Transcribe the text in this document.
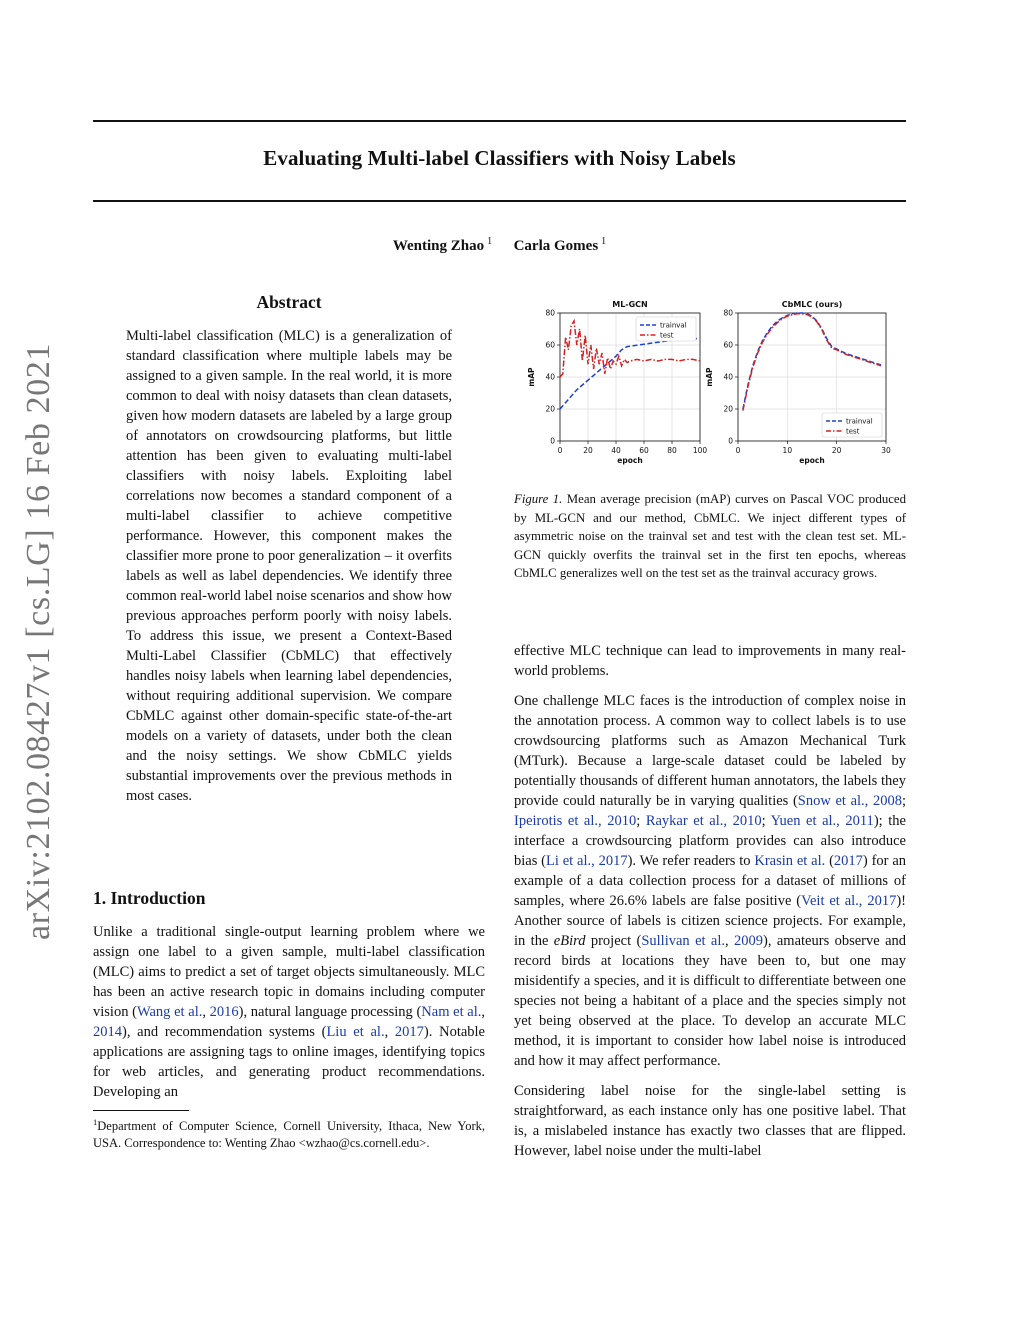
arXiv:2102.08427v1 [cs.LG] 16 Feb 2021
Evaluating Multi-label Classifiers with Noisy Labels
Wenting Zhao $^1$ Carla Gomes $^1$
Abstract
Multi-label classification (MLC) is a generalization of standard classification where multiple labels may be assigned to a given sample. In the real world, it is more common to deal with noisy datasets than clean datasets, given how modern datasets are labeled by a large group of annotators on crowdsourcing platforms, but little attention has been given to evaluating multi-label classifiers with noisy labels. Exploiting label correlations now becomes a standard component of a multi-label classifier to achieve competitive performance. However, this component makes the classifier more prone to poor generalization – it overfits labels as well as label dependencies. We identify three common real-world label noise scenarios and show how previous approaches perform poorly with noisy labels. To address this issue, we present a Context-Based Multi-Label Classifier (CbMLC) that effectively handles noisy labels when learning label dependencies, without requiring additional supervision. We compare CbMLC against other domain-specific state-of-the-art models on a variety of datasets, under both the clean and the noisy settings. We show CbMLC yields substantial improvements over the previous methods in most cases.
1. Introduction
Unlike a traditional single-output learning problem where we assign one label to a given sample, multi-label classification (MLC) aims to predict a set of target objects simultaneously. MLC has been an active research topic in domains including computer vision (Wang et al., 2016), natural language processing (Nam et al., 2014), and recommendation systems (Liu et al., 2017). Notable applications are assigning tags to online images, identifying topics for web articles, and generating product recommendations. Developing an
$^1$Department of Computer Science, Cornell University, Ithaca, New York, USA. Correspondence to: Wenting Zhao <wzhao@cs.cornell.edu>.
0	20 40 60 80 100
0
20
40
60
80
ML-GCN
epoch
mAP
trainval
test
0	10	20	30
0
20
40
60
80
CbMLC (ours)
epoch
mAP
trainval
test
Figure 1. Mean average precision (mAP) curves on Pascal VOC produced by ML-GCN and our method, CbMLC. We inject different types of asymmetric noise on the trainval set and test with the clean test set. ML-GCN quickly overfits the trainval set in the first ten epochs, whereas CbMLC generalizes well on the test set as the trainval accuracy grows.

effective MLC technique can lead to improvements in many real-world problems.

One challenge MLC faces is the introduction of complex noise in the annotation process. A common way to collect labels is to use crowdsourcing platforms such as Amazon Mechanical Turk (MTurk). Because a large-scale dataset could be labeled by potentially thousands of different human annotators, the labels they provide could naturally be in varying qualities (Snow et al., 2008; Ipeirotis et al., 2010; Raykar et al., 2010; Yuen et al., 2011); the interface a crowdsourcing platform provides can also introduce bias (Li et al., 2017). We refer readers to Krasin et al. (2017) for an example of a data collection process for a dataset of millions of samples, where 26.6% labels are false positive (Veit et al., 2017)! Another source of labels is citizen science projects. For example, in the eBird project (Sullivan et al., 2009), amateurs observe and record birds at locations they have been to, but one may misidentify a species, and it is difficult to differentiate between one species not being a habitant of a place and the species simply not yet being observed at the place. To develop an accurate MLC method, it is important to consider how label noise is introduced and how it may affect performance.

Considering label noise for the single-label setting is straightforward, as each instance only has one positive label. That is, a mislabeled instance has exactly two classes that are flipped. However, label noise under the multi-label
